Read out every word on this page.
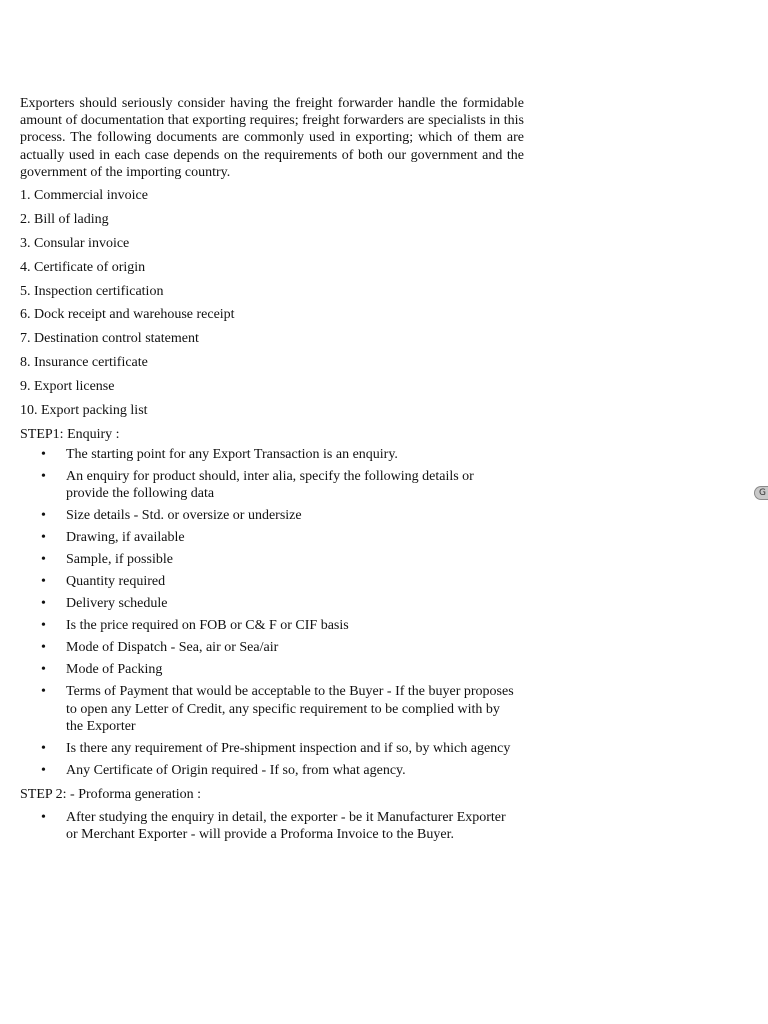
Exporters should seriously consider having the freight forwarder handle the formidable amount of documentation that exporting requires; freight forwarders are specialists in this process. The following documents are commonly used in exporting; which of them are actually used in each case depends on the requirements of both our government and the government of the importing country.

1. Commercial invoice
2. Bill of lading
3. Consular invoice
4. Certificate of origin
5. Inspection certification
6. Dock receipt and warehouse receipt
7. Destination control statement
8. Insurance certificate
9. Export license
10. Export packing list

STEP1: Enquiry :

• The starting point for any Export Transaction is an enquiry.
• An enquiry for product should, inter alia, specify the following details or provide the following data
• Size details - Std. or oversize or undersize
• Drawing, if available
• Sample, if possible
• Quantity required
• Delivery schedule
• Is the price required on FOB or C& F or CIF basis
• Mode of Dispatch - Sea, air or Sea/air
• Mode of Packing
• Terms of Payment that would be acceptable to the Buyer - If the buyer proposes to open any Letter of Credit, any specific requirement to be complied with by the Exporter
• Is there any requirement of Pre-shipment inspection and if so, by which agency
• Any Certificate of Origin required - If so, from what agency.

STEP 2: - Proforma generation :

• After studying the enquiry in detail, the exporter - be it Manufacturer Exporter or Merchant Exporter - will provide a Proforma Invoice to the Buyer.
G
